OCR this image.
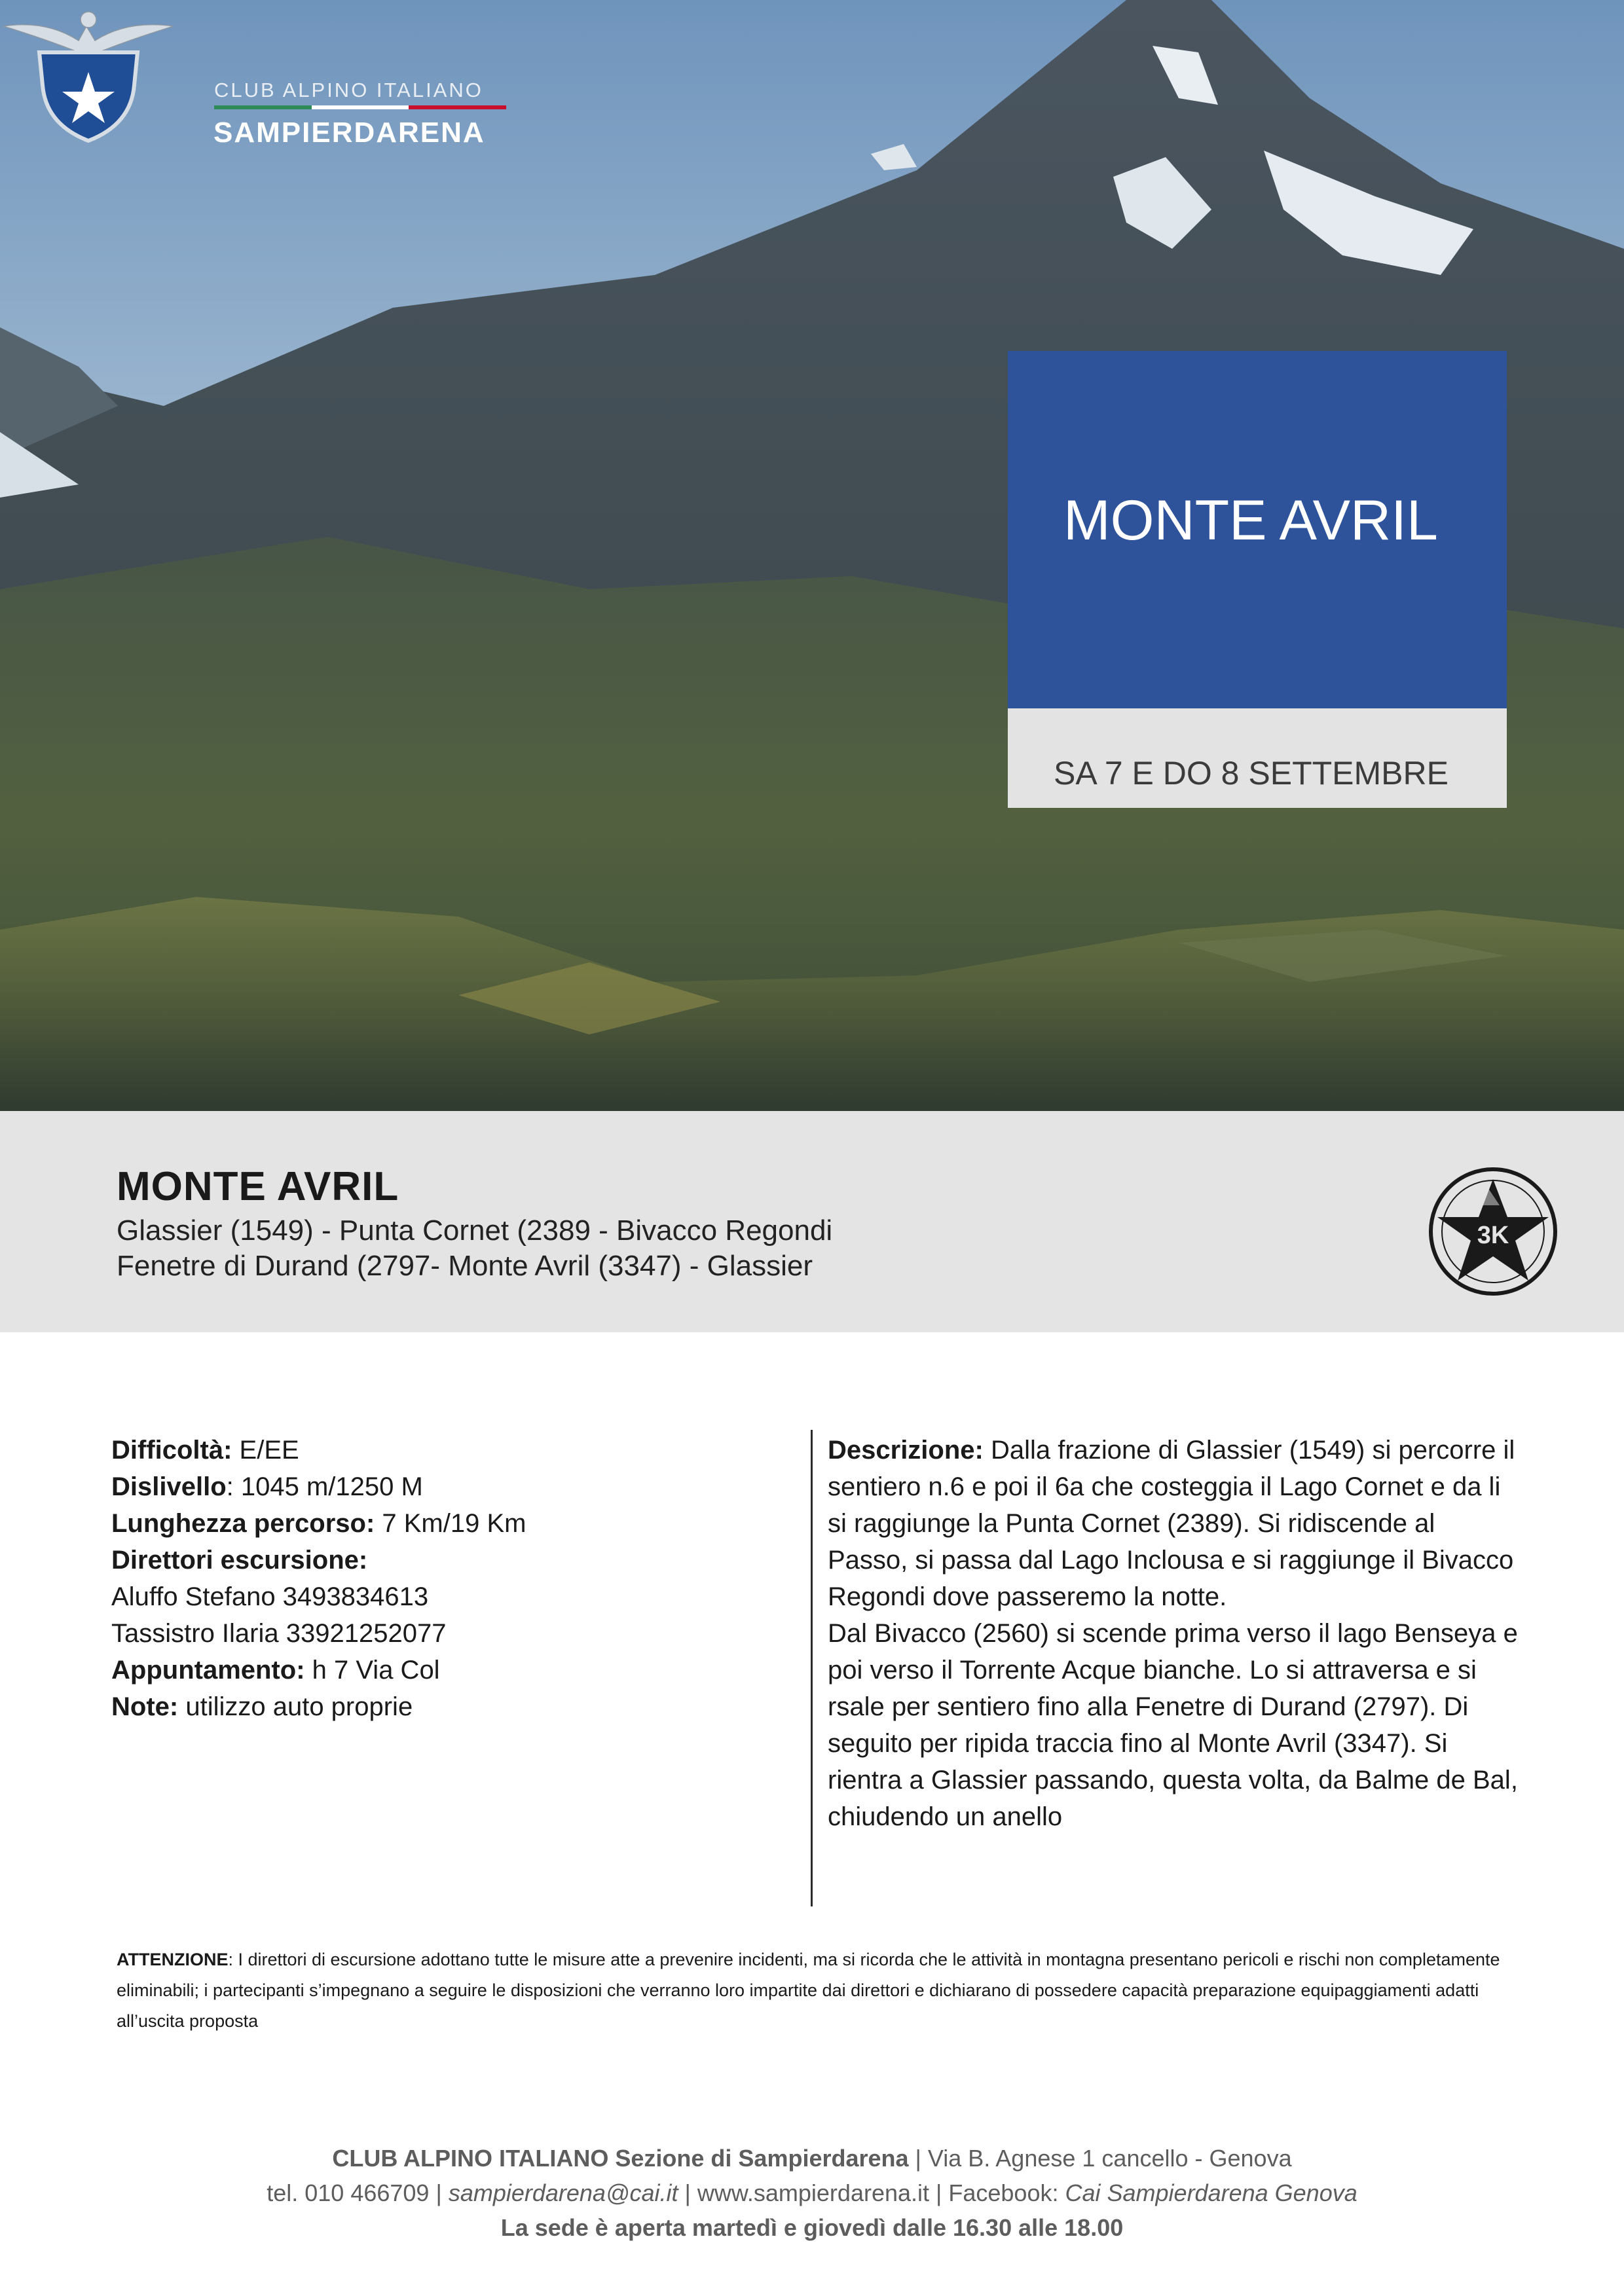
CLUB ALPINO ITALIANO
SAMPIERDARENA
MONTE AVRIL
SA 7 E DO 8 SETTEMBRE
MONTE AVRIL
Glassier (1549) - Punta Cornet (2389 - Bivacco Regondi
Fenetre di Durand (2797- Monte Avril (3347) - Glassier
3K
Difficoltà: E/EE
Dislivello: 1045 m/1250 M
Lunghezza percorso: 7 Km/19 Km
Direttori escursione:
Aluffo Stefano 3493834613
Tassistro Ilaria 33921252077
Appuntamento: h 7 Via Col
Note: utilizzo auto proprie

Descrizione: Dalla frazione di Glassier (1549) si percorre il sentiero n.6 e poi il 6a che costeggia il Lago Cornet e da li si raggiunge la Punta Cornet (2389). Si ridiscende al Passo, si passa dal Lago Inclousa e si raggiunge il Bivacco Regondi dove passeremo la notte.

Dal Bivacco (2560) si scende prima verso il lago Benseya e poi verso il Torrente Acque bianche. Lo si attraversa e si rsale per sentiero fino alla Fenetre di Durand (2797). Di seguito per ripida traccia fino al Monte Avril (3347). Si rientra a Glassier passando, questa volta, da Balme de Bal, chiudendo un anello

ATTENZIONE: I direttori di escursione adottano tutte le misure atte a prevenire incidenti, ma si ricorda che le attività in montagna presentano pericoli e rischi non completamente eliminabili; i partecipanti s’impegnano a seguire le disposizioni che verranno loro impartite dai direttori e dichiarano di possedere capacità preparazione equipaggiamenti adatti all’uscita proposta
CLUB ALPINO ITALIANO Sezione di Sampierdarena | Via B. Agnese 1 cancello - Genova
tel. 010 466709 | sampierdarena@cai.it | www.sampierdarena.it | Facebook: Cai Sampierdarena Genova
La sede è aperta martedì e giovedì dalle 16.30 alle 18.00
